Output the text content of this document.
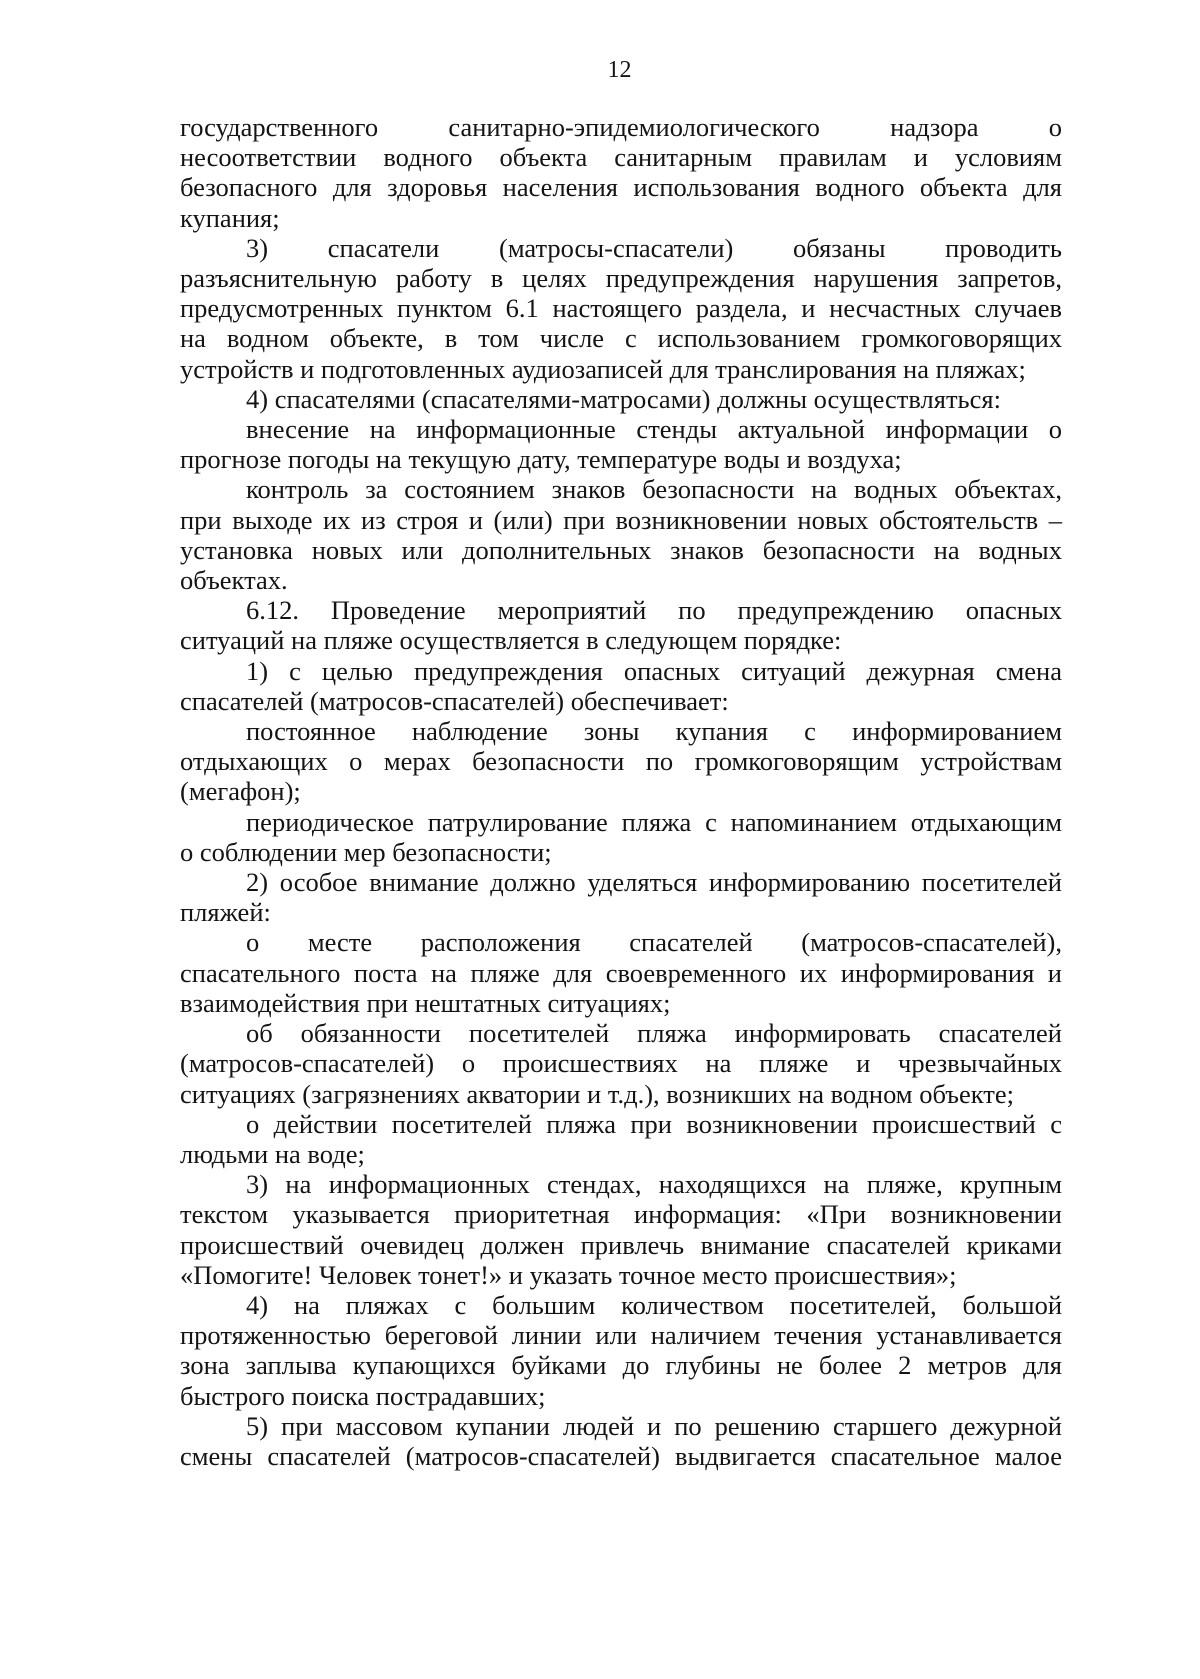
12
государственного санитарно-эпидемиологического надзора о
несоответствии водного объекта санитарным правилам и условиям
безопасного для здоровья населения использования водного объекта для
купания;
3) спасатели (матросы-спасатели) обязаны проводить
разъяснительную работу в целях предупреждения нарушения запретов,
предусмотренных пунктом 6.1 настоящего раздела, и несчастных случаев
на водном объекте, в том числе с использованием громкоговорящих
устройств и подготовленных аудиозаписей для транслирования на пляжах;
4) спасателями (спасателями-матросами) должны осуществляться:
внесение на информационные стенды актуальной информации о
прогнозе погоды на текущую дату, температуре воды и воздуха;
контроль за состоянием знаков безопасности на водных объектах,
при выходе их из строя и (или) при возникновении новых обстоятельств –
установка новых или дополнительных знаков безопасности на водных
объектах.
6.12. Проведение мероприятий по предупреждению опасных
ситуаций на пляже осуществляется в следующем порядке:
1) с целью предупреждения опасных ситуаций дежурная смена
спасателей (матросов-спасателей) обеспечивает:
постоянное наблюдение зоны купания с информированием
отдыхающих о мерах безопасности по громкоговорящим устройствам
(мегафон);
периодическое патрулирование пляжа с напоминанием отдыхающим
о соблюдении мер безопасности;
2) особое внимание должно уделяться информированию посетителей
пляжей:
о месте расположения спасателей (матросов-спасателей),
спасательного поста на пляже для своевременного их информирования и
взаимодействия при нештатных ситуациях;
об обязанности посетителей пляжа информировать спасателей
(матросов-спасателей) о происшествиях на пляже и чрезвычайных
ситуациях (загрязнениях акватории и т.д.), возникших на водном объекте;
о действии посетителей пляжа при возникновении происшествий с
людьми на воде;
3) на информационных стендах, находящихся на пляже, крупным
текстом указывается приоритетная информация: «При возникновении
происшествий очевидец должен привлечь внимание спасателей криками
«Помогите! Человек тонет!» и указать точное место происшествия»;
4) на пляжах с большим количеством посетителей, большой
протяженностью береговой линии или наличием течения устанавливается
зона заплыва купающихся буйками до глубины не более 2 метров для
быстрого поиска пострадавших;
5) при массовом купании людей и по решению старшего дежурной
смены спасателей (матросов-спасателей) выдвигается спасательное малое
